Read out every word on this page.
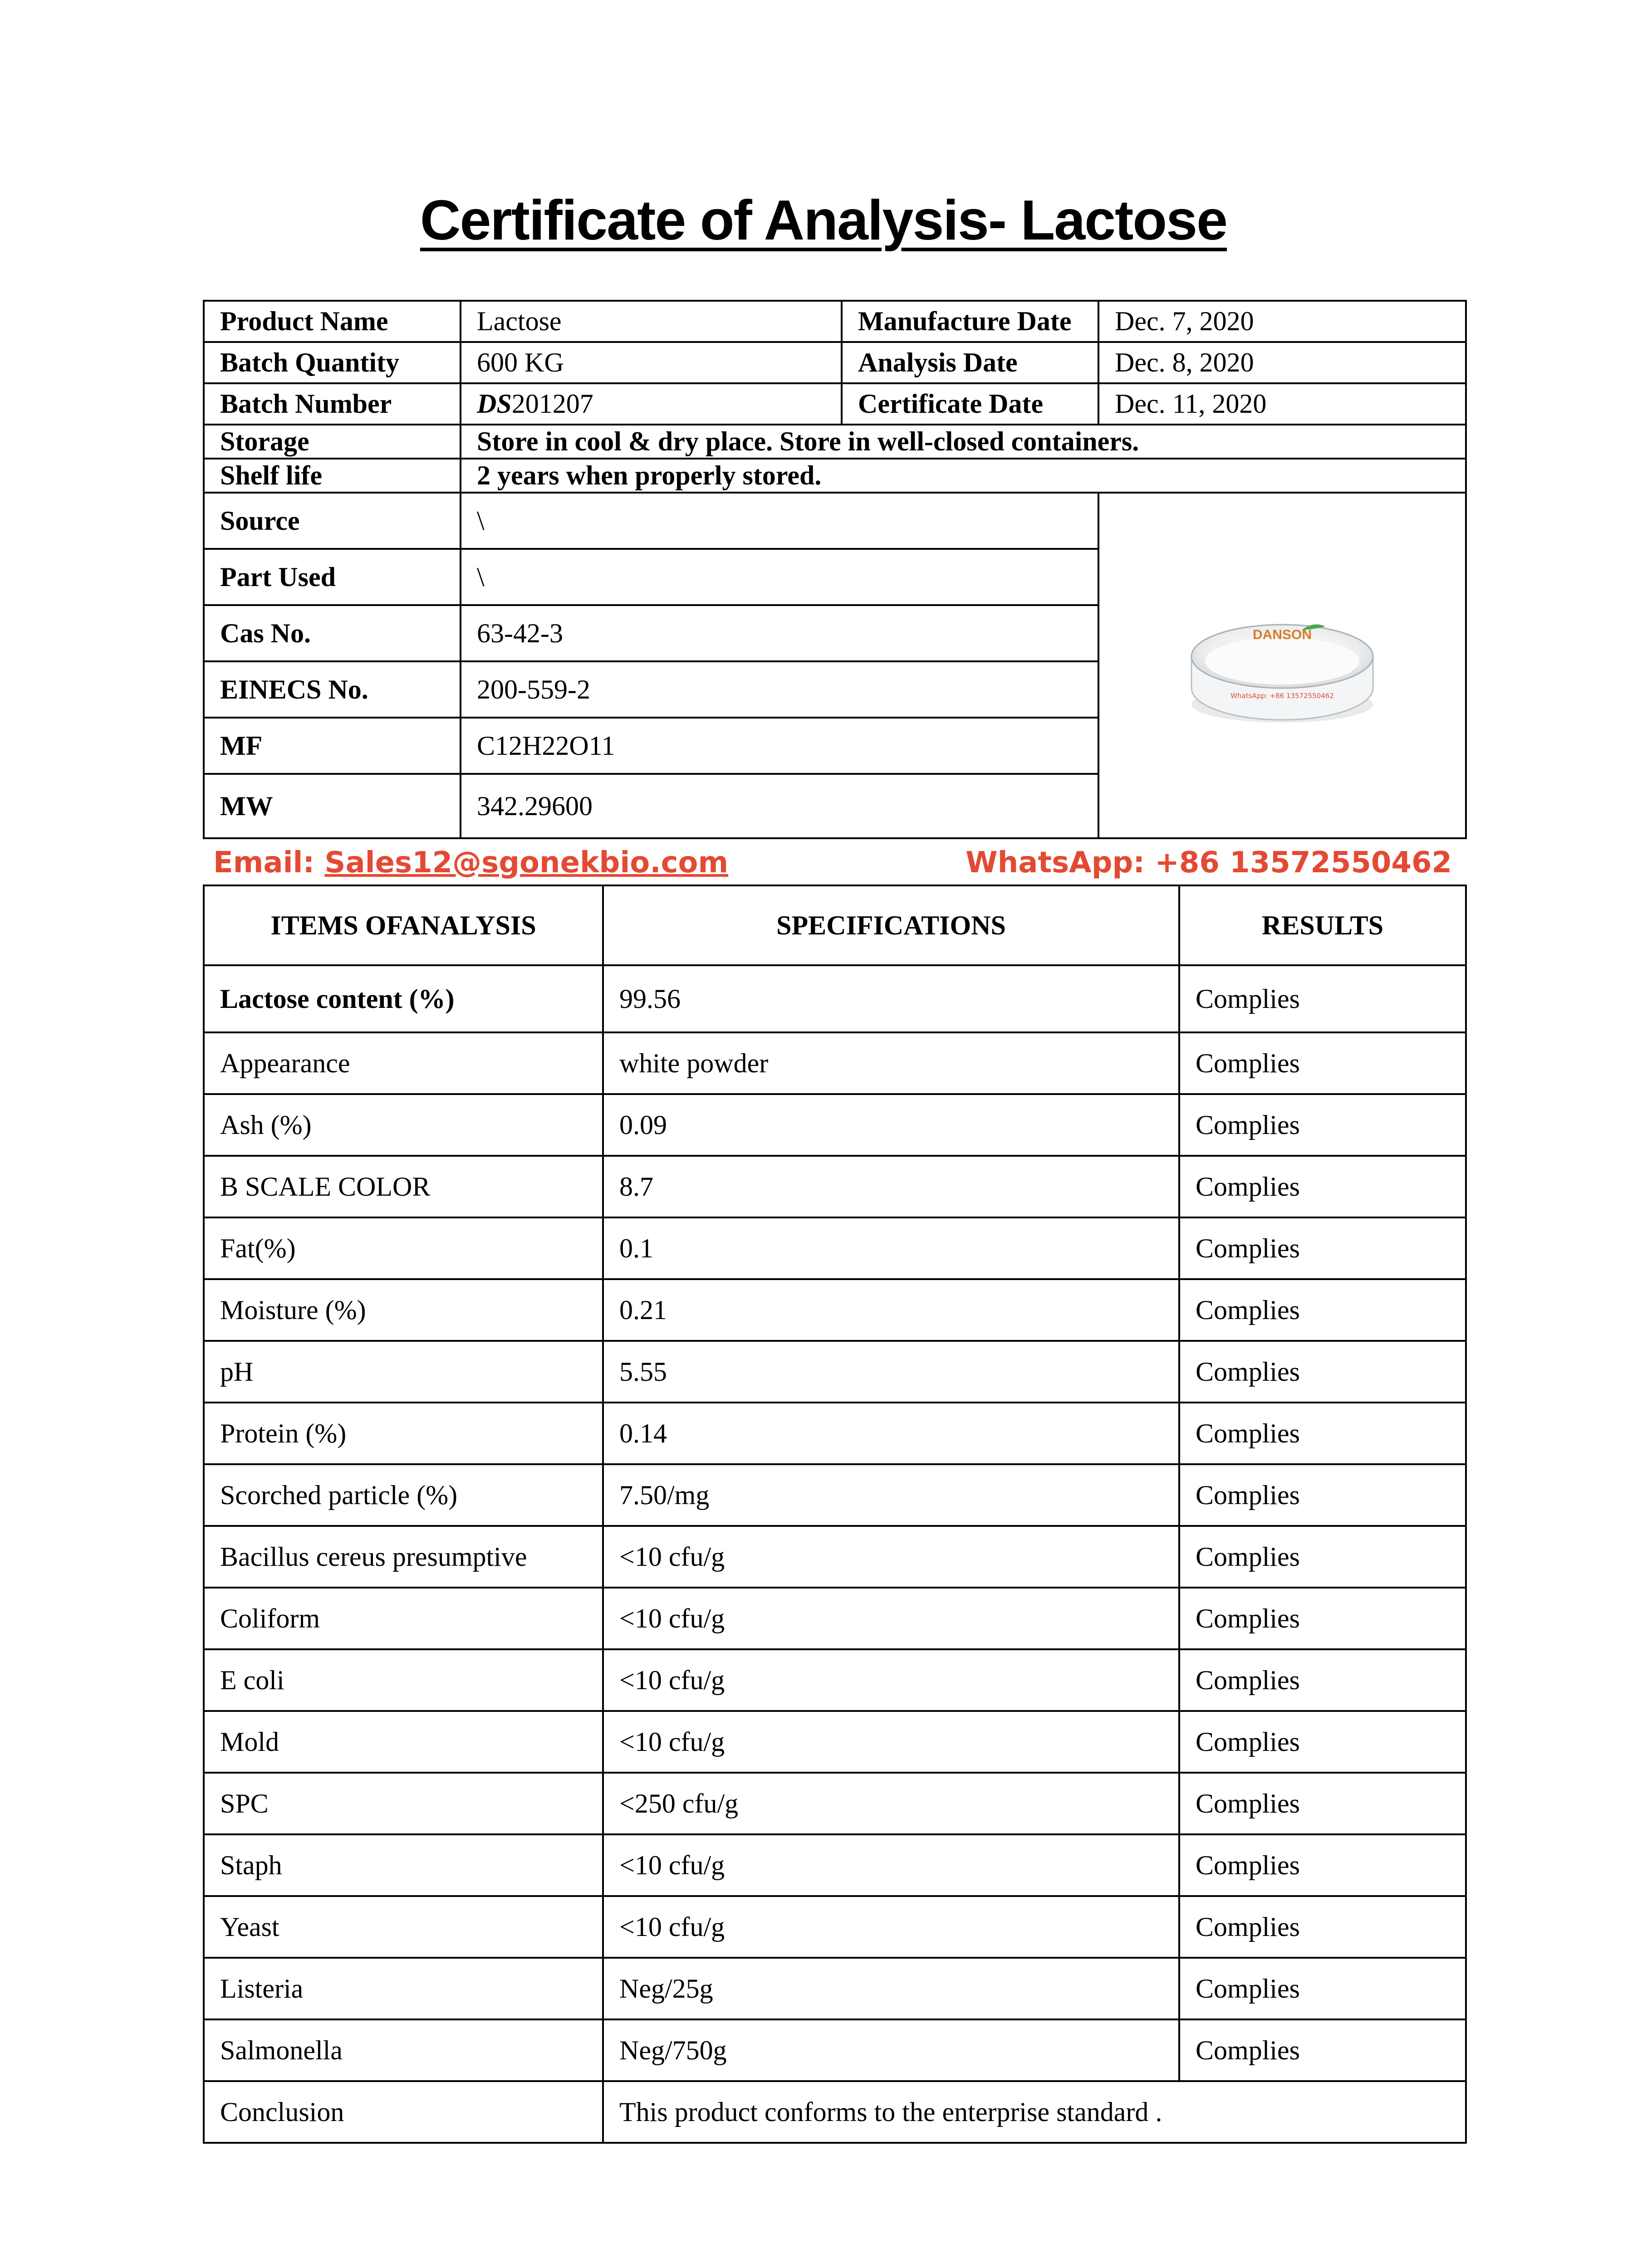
Certificate of Analysis- Lactose
Product Name	Lactose	Manufacture Date	Dec. 7, 2020
Batch Quantity	600 KG	Analysis Date	Dec. 8, 2020
Batch Number	DS201207	Certificate Date	Dec. 11, 2020
Storage	Store in cool & dry place. Store in well-closed containers.		
Shelf life	2 years when properly stored.		
Source	\		DANSON
WhatsApp: +86 13572550462

Part Used	\		
Cas No.	63-42-3		
EINECS No.	200-559-2		
MF	C12H22O11		
MW	342.29600		
Email: Sales12@sgonekbio.com	WhatsApp: +86 13572550462
ITEMS OFANALYSIS	SPECIFICATIONS	RESULTS
Lactose content (%)	99.56	Complies
Appearance	white powder	Complies
Ash (%)	0.09	Complies
B SCALE COLOR	8.7	Complies
Fat(%)	0.1	Complies
Moisture (%)	0.21	Complies
pH	5.55	Complies
Protein (%)	0.14	Complies
Scorched particle (%)	7.50/mg	Complies
Bacillus cereus presumptive	<10 cfu/g	Complies
Coliform	<10 cfu/g	Complies
E coli	<10 cfu/g	Complies
Mold	<10 cfu/g	Complies
SPC	<250 cfu/g	Complies
Staph	<10 cfu/g	Complies
Yeast	<10 cfu/g	Complies
Listeria	Neg/25g	Complies
Salmonella	Neg/750g	Complies
Conclusion	This product conforms to the enterprise standard .	
